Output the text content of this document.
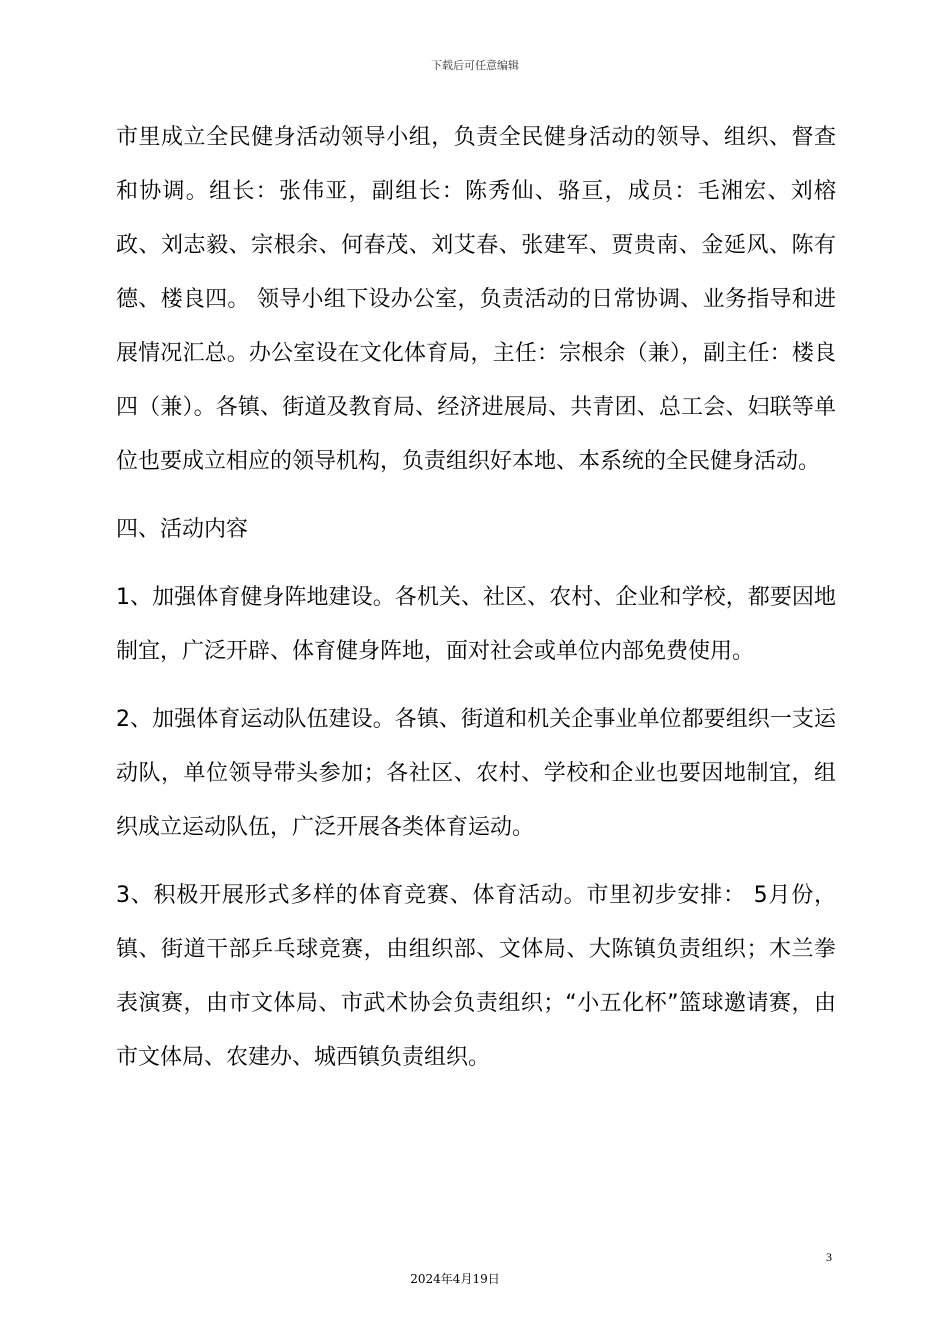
下载后可任意编辑

市里成立全民健身活动领导小组，负责全民健身活动的领导、组织、督查和协调。组长：张伟亚，副组长：陈秀仙、骆亘，成员：毛湘宏、刘榕政、刘志毅、宗根余、何春茂、刘艾春、张建军、贾贵南、金延风、陈有德、楼良四。 领导小组下设办公室，负责活动的日常协调、业务指导和进展情况汇总。办公室设在文化体育局，主任：宗根余（兼），副主任：楼良四（兼）。各镇、街道及教育局、经济进展局、共青团、总工会、妇联等单位也要成立相应的领导机构，负责组织好本地、本系统的全民健身活动。

四、活动内容

1、加强体育健身阵地建设。各机关、社区、农村、企业和学校，都要因地制宜，广泛开辟、体育健身阵地，面对社会或单位内部免费使用。

2、加强体育运动队伍建设。各镇、街道和机关企事业单位都要组织一支运动队，单位领导带头参加；各社区、农村、学校和企业也要因地制宜，组织成立运动队伍，广泛开展各类体育运动。

3、积极开展形式多样的体育竞赛、体育活动。市里初步安排： 5月份，镇、街道干部乒乓球竞赛，由组织部、文体局、大陈镇负责组织；木兰拳表演赛，由市文体局、市武术协会负责组织；“小五化杯”篮球邀请赛，由市文体局、农建办、城西镇负责组织。

3
2024年4月19日
